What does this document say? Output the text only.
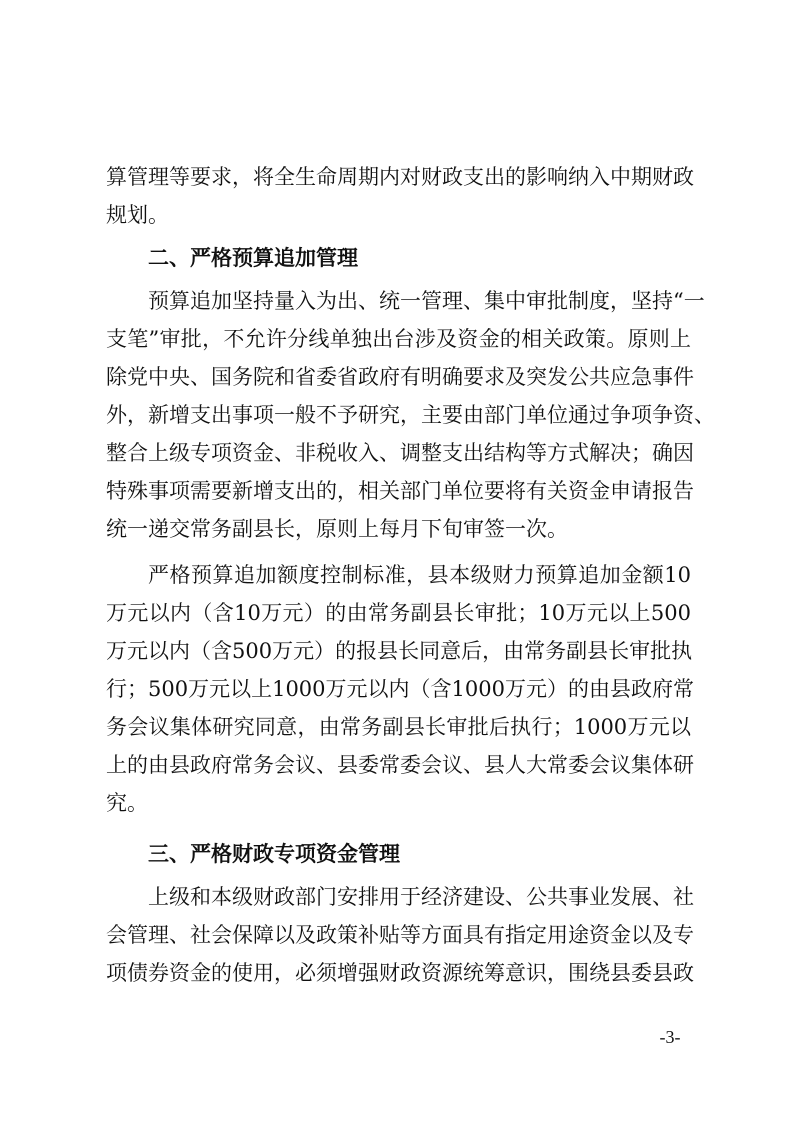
算管理等要求，将全生命周期内对财政支出的影响纳入中期财政
规划。
二、严格预算追加管理
预算追加坚持量入为出、统一管理、集中审批制度，坚持“一
支笔”审批，不允许分线单独出台涉及资金的相关政策。原则上
除党中央、国务院和省委省政府有明确要求及突发公共应急事件
外，新增支出事项一般不予研究，主要由部门单位通过争项争资、
整合上级专项资金、非税收入、调整支出结构等方式解决；确因
特殊事项需要新增支出的，相关部门单位要将有关资金申请报告
统一递交常务副县长，原则上每月下旬审签一次。
严格预算追加额度控制标准，县本级财力预算追加金额10
万元以内（含10万元）的由常务副县长审批；10万元以上500
万元以内（含500万元）的报县长同意后，由常务副县长审批执
行；500万元以上1000万元以内（含1000万元）的由县政府常
务会议集体研究同意，由常务副县长审批后执行；1000万元以
上的由县政府常务会议、县委常委会议、县人大常委会议集体研
究。
三、严格财政专项资金管理
上级和本级财政部门安排用于经济建设、公共事业发展、社
会管理、社会保障以及政策补贴等方面具有指定用途资金以及专
项债券资金的使用，必须增强财政资源统筹意识，围绕县委县政
-3-
